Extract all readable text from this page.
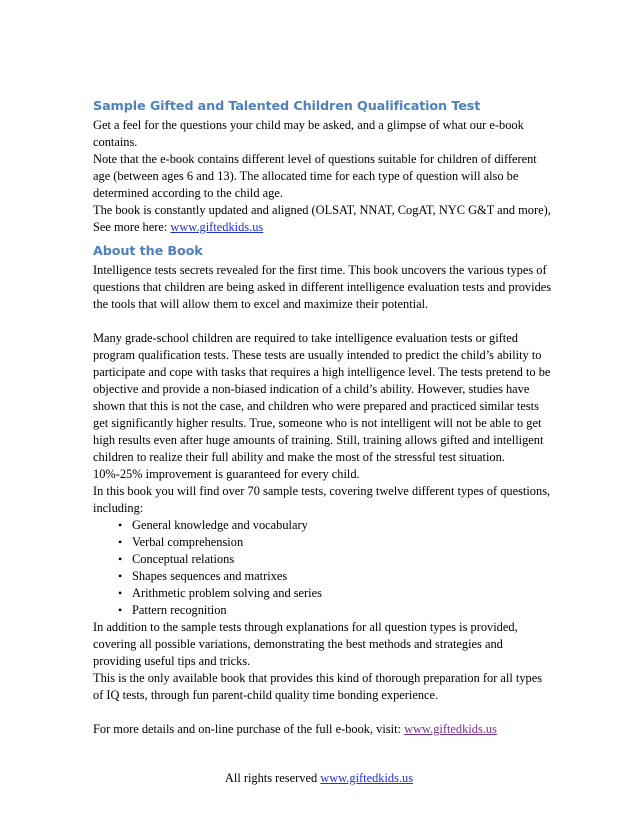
Sample Gifted and Talented Children Qualification Test

Get a feel for the questions your child may be asked, and a glimpse of what our e-book contains.

Note that the e-book contains different level of questions suitable for children of different age (between ages 6 and 13). The allocated time for each type of question will also be determined according to the child age.

The book is constantly updated and aligned (OLSAT, NNAT, CogAT, NYC G&T and more), See more here: www.giftedkids.us

About the Book

Intelligence tests secrets revealed for the first time. This book uncovers the various types of questions that children are being asked in different intelligence evaluation tests and provides the tools that will allow them to excel and maximize their potential.

Many grade-school children are required to take intelligence evaluation tests or gifted program qualification tests. These tests are usually intended to predict the child’s ability to participate and cope with tasks that requires a high intelligence level. The tests pretend to be objective and provide a non-biased indication of a child’s ability. However, studies have shown that this is not the case, and children who were prepared and practiced similar tests get significantly higher results. True, someone who is not intelligent will not be able to get high results even after huge amounts of training. Still, training allows gifted and intelligent children to realize their full ability and make the most of the stressful test situation. 10%-25% improvement is guaranteed for every child.

In this book you will find over 70 sample tests, covering twelve different types of questions, including:

• General knowledge and vocabulary
• Verbal comprehension
• Conceptual relations
• Shapes sequences and matrixes
• Arithmetic problem solving and series
• Pattern recognition

In addition to the sample tests through explanations for all question types is provided, covering all possible variations, demonstrating the best methods and strategies and providing useful tips and tricks.

This is the only available book that provides this kind of thorough preparation for all types of IQ tests, through fun parent-child quality time bonding experience.

For more details and on-line purchase of the full e-book, visit: www.giftedkids.us

All rights reserved www.giftedkids.us
